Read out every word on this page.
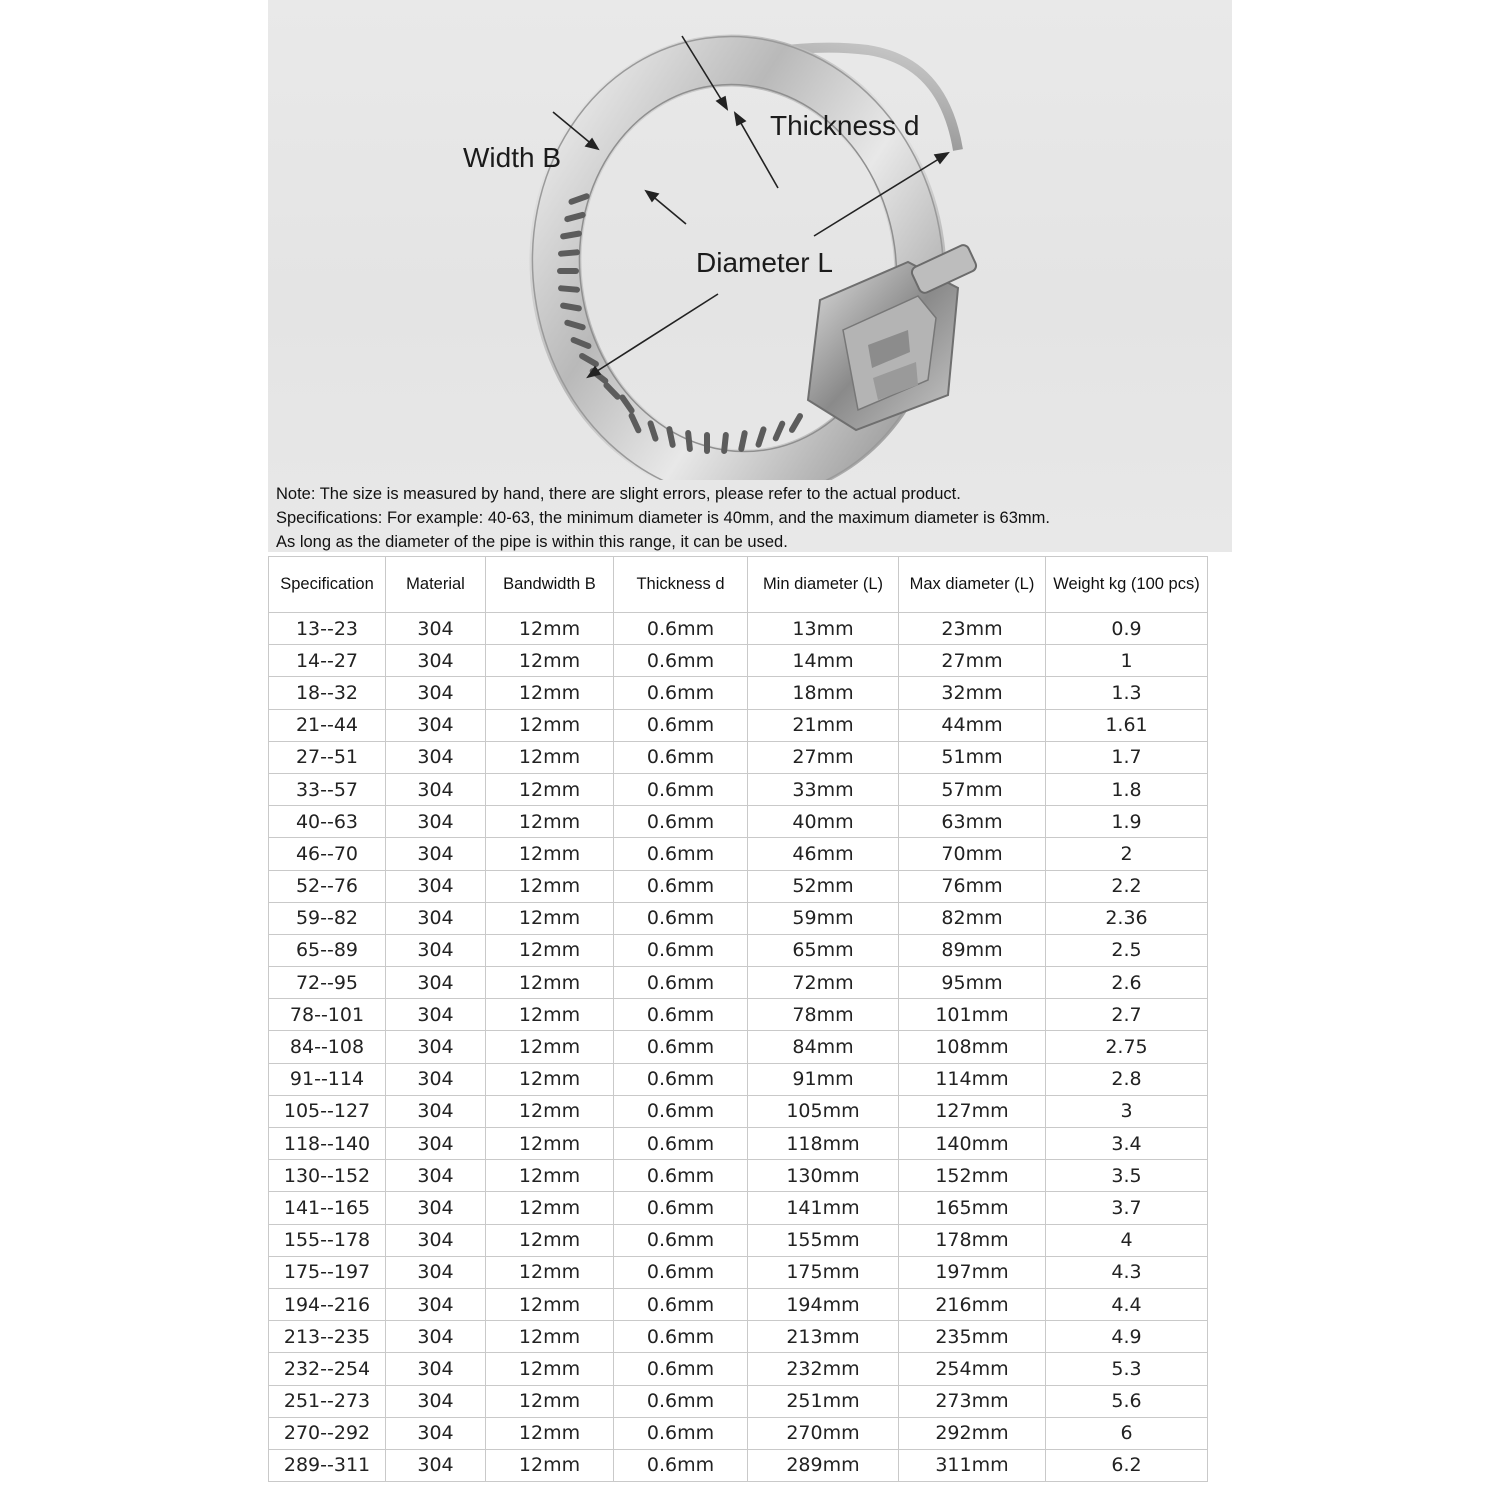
Width B
Thickness d
Diameter L
Note: The size is measured by hand, there are slight errors, please refer to the actual product.
Specifications: For example: 40-63, the minimum diameter is 40mm, and the maximum diameter is 63mm.
As long as the diameter of the pipe is within this range, it can be used.
Specification	Material	Bandwidth B	Thickness d	Min diameter (L)	Max diameter (L)	Weight kg (100 pcs)
13--23	304	12mm	0.6mm	13mm	23mm	0.9
14--27	304	12mm	0.6mm	14mm	27mm	1
18--32	304	12mm	0.6mm	18mm	32mm	1.3
21--44	304	12mm	0.6mm	21mm	44mm	1.61
27--51	304	12mm	0.6mm	27mm	51mm	1.7
33--57	304	12mm	0.6mm	33mm	57mm	1.8
40--63	304	12mm	0.6mm	40mm	63mm	1.9
46--70	304	12mm	0.6mm	46mm	70mm	2
52--76	304	12mm	0.6mm	52mm	76mm	2.2
59--82	304	12mm	0.6mm	59mm	82mm	2.36
65--89	304	12mm	0.6mm	65mm	89mm	2.5
72--95	304	12mm	0.6mm	72mm	95mm	2.6
78--101	304	12mm	0.6mm	78mm	101mm	2.7
84--108	304	12mm	0.6mm	84mm	108mm	2.75
91--114	304	12mm	0.6mm	91mm	114mm	2.8
105--127	304	12mm	0.6mm	105mm	127mm	3
118--140	304	12mm	0.6mm	118mm	140mm	3.4
130--152	304	12mm	0.6mm	130mm	152mm	3.5
141--165	304	12mm	0.6mm	141mm	165mm	3.7
155--178	304	12mm	0.6mm	155mm	178mm	4
175--197	304	12mm	0.6mm	175mm	197mm	4.3
194--216	304	12mm	0.6mm	194mm	216mm	4.4
213--235	304	12mm	0.6mm	213mm	235mm	4.9
232--254	304	12mm	0.6mm	232mm	254mm	5.3
251--273	304	12mm	0.6mm	251mm	273mm	5.6
270--292	304	12mm	0.6mm	270mm	292mm	6
289--311	304	12mm	0.6mm	289mm	311mm	6.2
